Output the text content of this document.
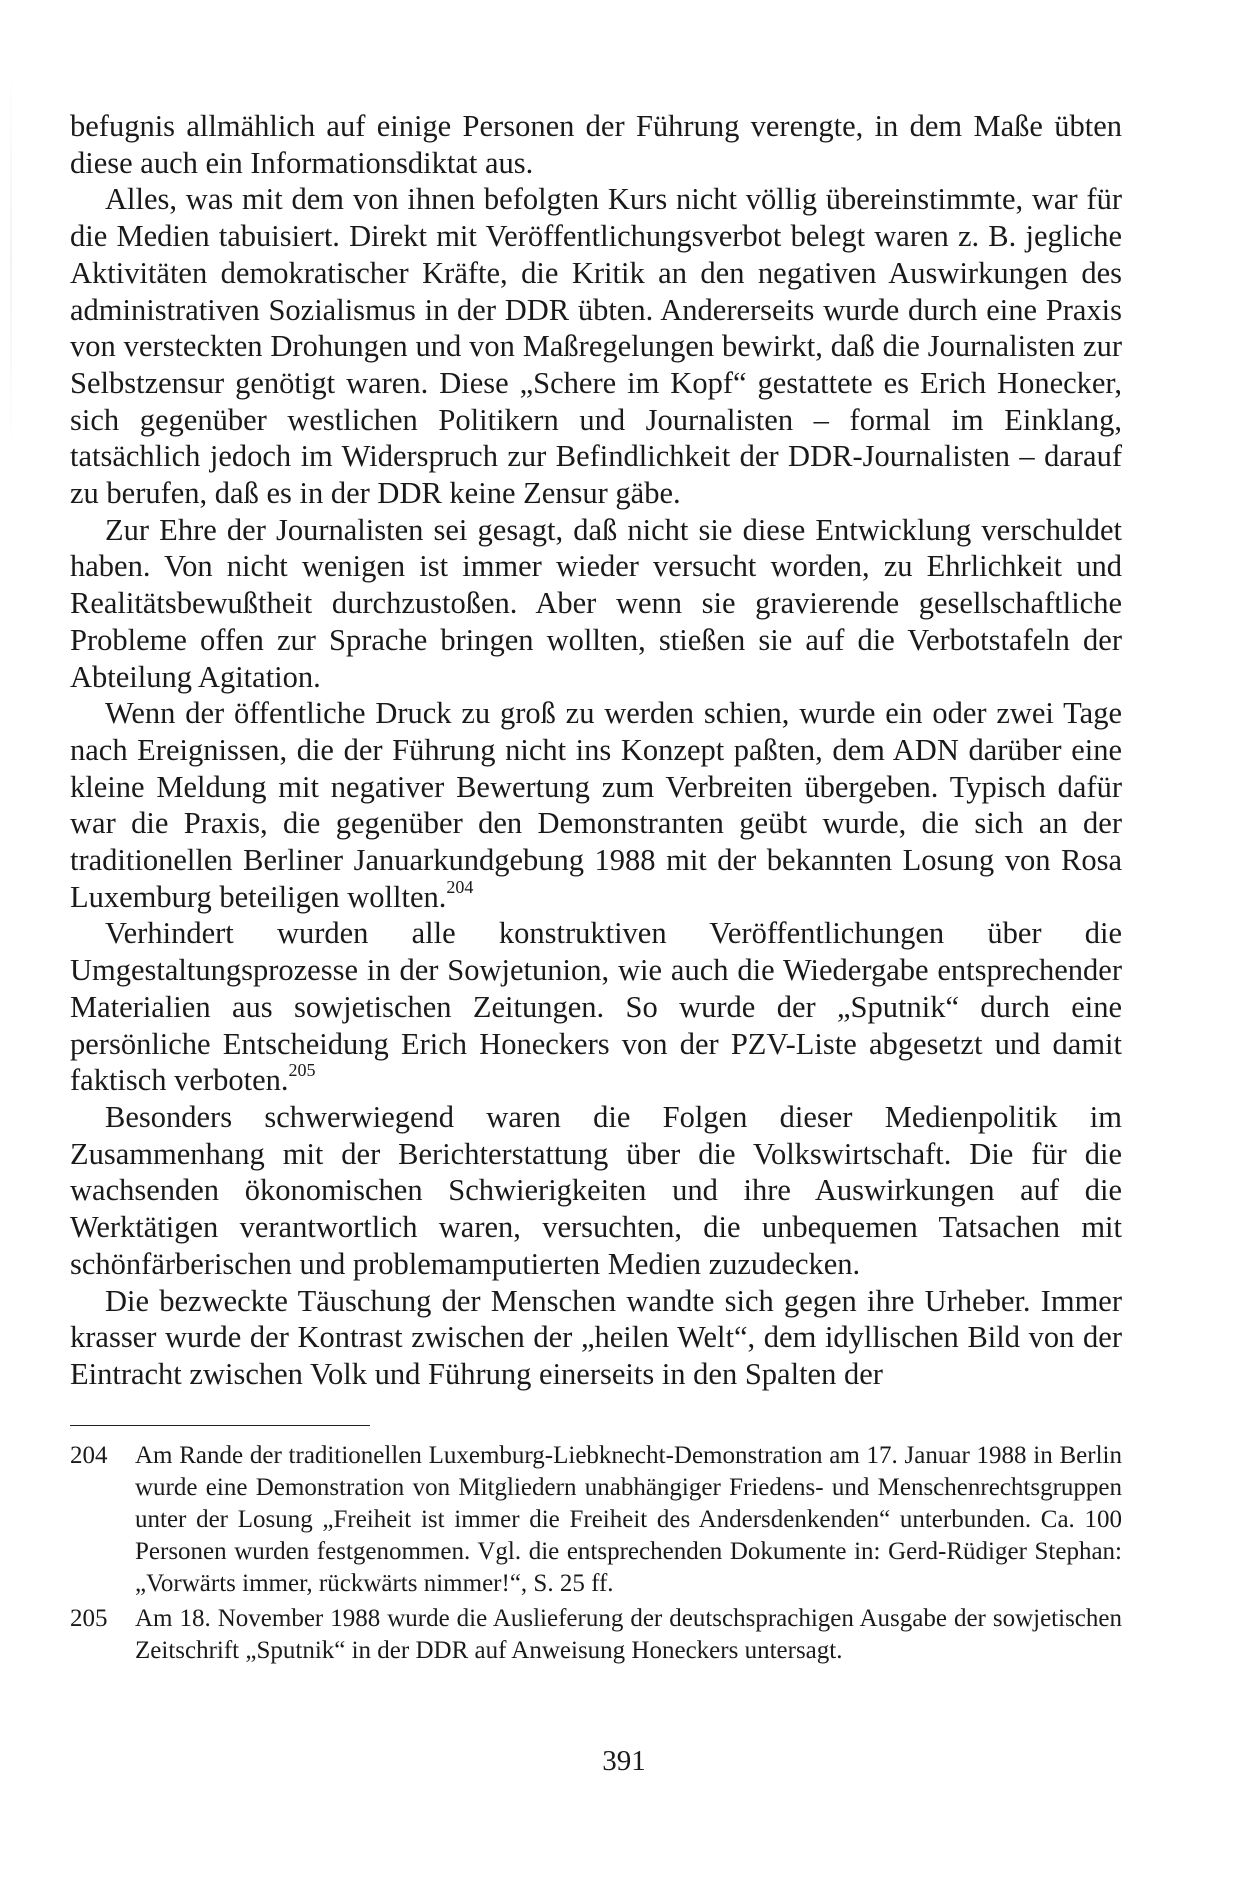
befugnis allmählich auf einige Personen der Führung verengte, in dem Maße übten diese auch ein Informationsdiktat aus.

Alles, was mit dem von ihnen befolgten Kurs nicht völlig übereinstimmte, war für die Medien tabuisiert. Direkt mit Veröffentlichungsverbot belegt waren z. B. jegliche Aktivitäten demokratischer Kräfte, die Kritik an den negativen Auswirkungen des administrativen Sozialismus in der DDR übten. Andererseits wurde durch eine Praxis von versteckten Drohungen und von Maßregelungen bewirkt, daß die Journalisten zur Selbstzensur genötigt waren. Diese „Schere im Kopf“ gestattete es Erich Honecker, sich gegenüber westlichen Politikern und Journalisten – formal im Einklang, tatsächlich jedoch im Widerspruch zur Befindlichkeit der DDR-Journalisten – darauf zu berufen, daß es in der DDR keine Zensur gäbe.

Zur Ehre der Journalisten sei gesagt, daß nicht sie diese Entwicklung verschuldet haben. Von nicht wenigen ist immer wieder versucht worden, zu Ehrlichkeit und Realitätsbewußtheit durchzustoßen. Aber wenn sie gravierende gesellschaftliche Probleme offen zur Sprache bringen wollten, stießen sie auf die Verbotstafeln der Abteilung Agitation.

Wenn der öffentliche Druck zu groß zu werden schien, wurde ein oder zwei Tage nach Ereignissen, die der Führung nicht ins Konzept paßten, dem ADN darüber eine kleine Meldung mit negativer Bewertung zum Verbreiten übergeben. Typisch dafür war die Praxis, die gegenüber den Demonstranten geübt wurde, die sich an der traditionellen Berliner Januarkundgebung 1988 mit der bekannten Losung von Rosa Luxemburg beteiligen wollten.$^{204}$

Verhindert wurden alle konstruktiven Veröffentlichungen über die Umgestaltungsprozesse in der Sowjetunion, wie auch die Wiedergabe entsprechender Materialien aus sowjetischen Zeitungen. So wurde der „Sputnik“ durch eine persönliche Entscheidung Erich Honeckers von der PZV-Liste abgesetzt und damit faktisch verboten.$^{205}$

Besonders schwerwiegend waren die Folgen dieser Medienpolitik im Zusammenhang mit der Berichterstattung über die Volkswirtschaft. Die für die wachsenden ökonomischen Schwierigkeiten und ihre Auswirkungen auf die Werktätigen verantwortlich waren, versuchten, die unbequemen Tatsachen mit schönfärberischen und problemamputierten Medien zuzudecken.

Die bezweckte Täuschung der Menschen wandte sich gegen ihre Urheber. Immer krasser wurde der Kontrast zwischen der „heilen Welt“, dem idyllischen Bild von der Eintracht zwischen Volk und Führung einerseits in den Spalten der

204 Am Rande der traditionellen Luxemburg-Liebknecht-Demonstration am 17. Januar 1988 in Berlin wurde eine Demonstration von Mitgliedern unabhängiger Friedens- und Menschenrechtsgruppen unter der Losung „Freiheit ist immer die Freiheit des Andersdenkenden“ unterbunden. Ca. 100 Personen wurden festgenommen. Vgl. die entsprechenden Dokumente in: Gerd-Rüdiger Stephan: „Vorwärts immer, rückwärts nimmer!“, S. 25 ff.
205 Am 18. November 1988 wurde die Auslieferung der deutschsprachigen Ausgabe der sowjetischen Zeitschrift „Sputnik“ in der DDR auf Anweisung Honeckers untersagt.
391
